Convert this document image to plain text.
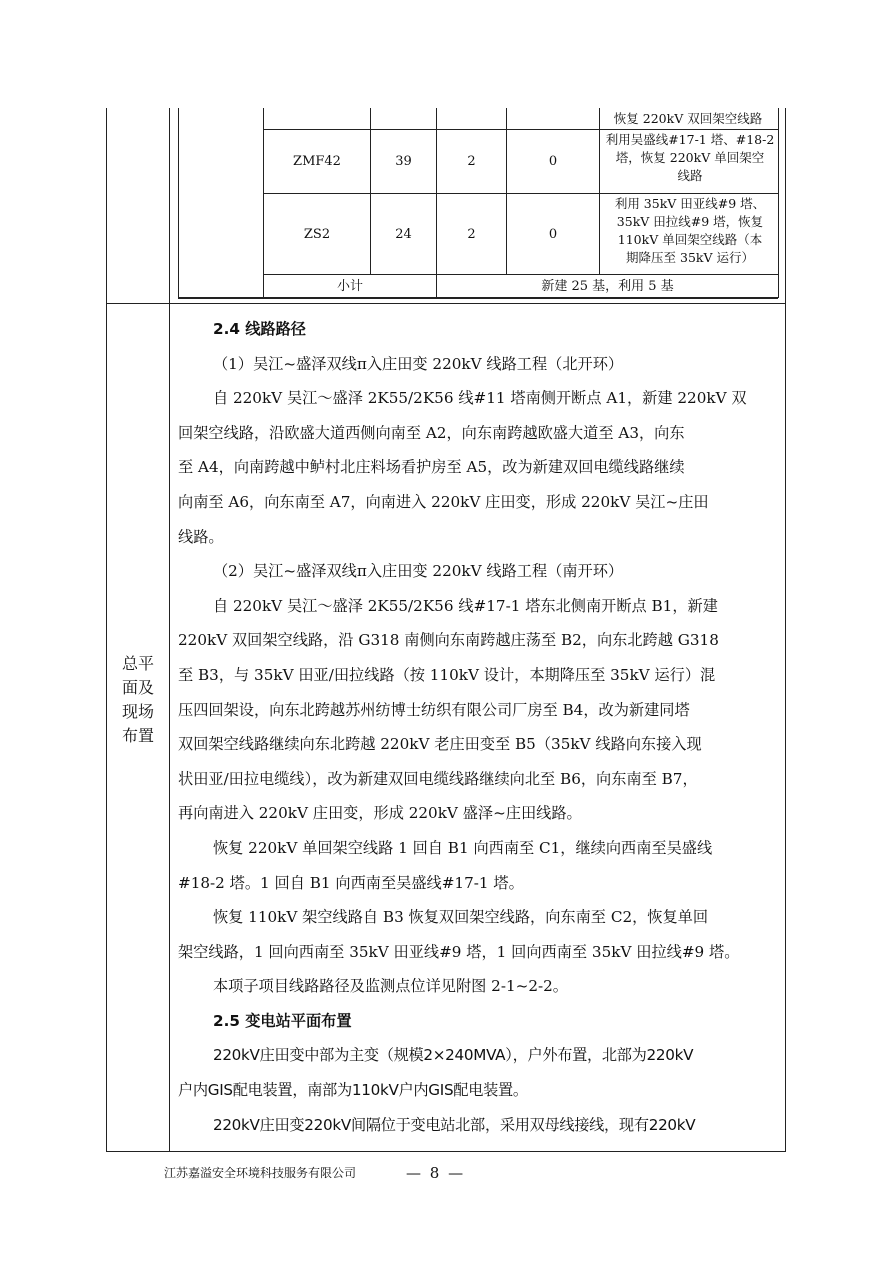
恢复 220kV 双回架空线路
ZMF42	39	2	0
利用吴盛线#17-1 塔、#18-2
塔，恢复 220kV 单回架空
线路
ZS2	24	2	0
利用 35kV 田亚线#9 塔、
35kV 田拉线#9 塔，恢复
110kV 单回架空线路（本
期降压至 35kV 运行）
小计	新建 25 基，利用 5 基
总平
面及
现场
布置

2.4 线路路径

（1）吴江~盛泽双线π入庄田变 220kV 线路工程（北开环）

自 220kV 吴江～盛泽 2K55/2K56 线#11 塔南侧开断点 A1，新建 220kV 双

回架空线路，沿欧盛大道西侧向南至 A2，向东南跨越欧盛大道至 A3，向东

至 A4，向南跨越中鲈村北庄料场看护房至 A5，改为新建双回电缆线路继续

向南至 A6，向东南至 A7，向南进入 220kV 庄田变，形成 220kV 吴江~庄田

线路。

（2）吴江~盛泽双线π入庄田变 220kV 线路工程（南开环）

自 220kV 吴江～盛泽 2K55/2K56 线#17-1 塔东北侧南开断点 B1，新建

220kV 双回架空线路，沿 G318 南侧向东南跨越庄荡至 B2，向东北跨越 G318

至 B3，与 35kV 田亚/田拉线路（按 110kV 设计，本期降压至 35kV 运行）混

压四回架设，向东北跨越苏州纺博士纺织有限公司厂房至 B4，改为新建同塔

双回架空线路继续向东北跨越 220kV 老庄田变至 B5（35kV 线路向东接入现

状田亚/田拉电缆线），改为新建双回电缆线路继续向北至 B6，向东南至 B7，

再向南进入 220kV 庄田变，形成 220kV 盛泽~庄田线路。

恢复 220kV 单回架空线路 1 回自 B1 向西南至 C1，继续向西南至吴盛线

#18-2 塔。1 回自 B1 向西南至吴盛线#17-1 塔。

恢复 110kV 架空线路自 B3 恢复双回架空线路，向东南至 C2，恢复单回

架空线路，1 回向西南至 35kV 田亚线#9 塔，1 回向西南至 35kV 田拉线#9 塔。

本项子项目线路路径及监测点位详见附图 2-1~2-2。

2.5 变电站平面布置

220kV庄田变中部为主变（规模2×240MVA），户外布置，北部为220kV

户内GIS配电装置，南部为110kV户内GIS配电装置。

220kV庄田变220kV间隔位于变电站北部，采用双母线接线，现有220kV

江苏嘉溢安全环境科技服务有限公司	— 8 —
